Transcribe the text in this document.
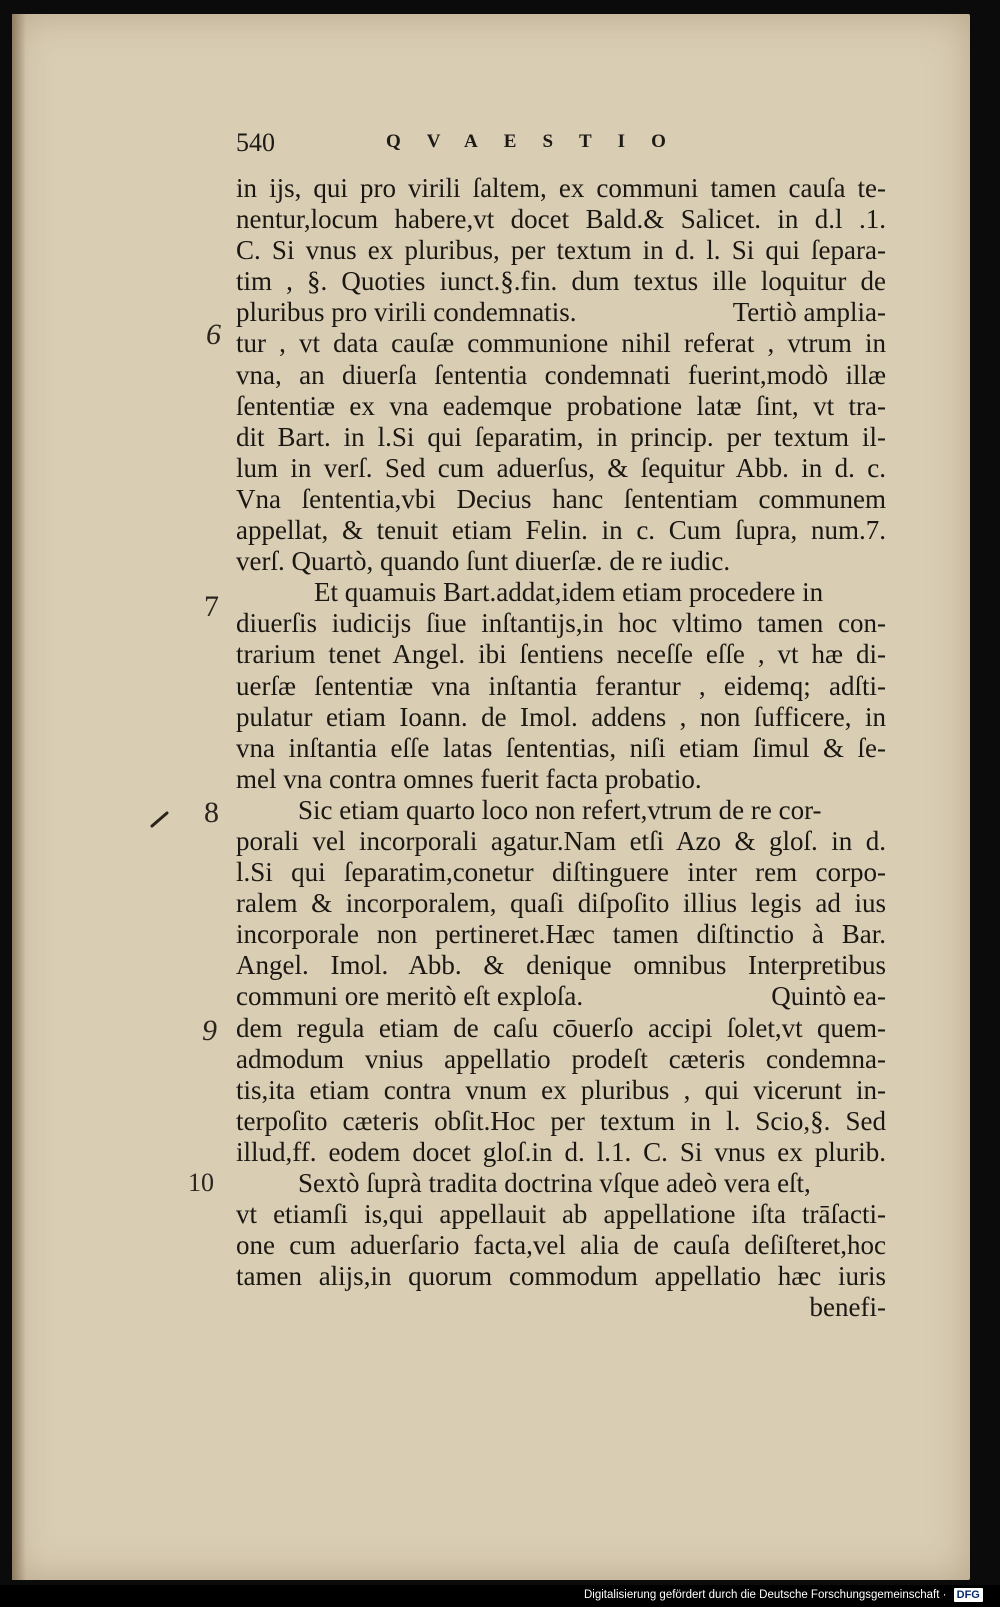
540	QVAESTIO
in ijs, qui pro virili ſaltem, ex communi tamen cauſa te-
nentur,locum habere,vt docet Bald.& Salicet. in d.l .1.
C. Si vnus ex pluribus, per textum in d. l. Si qui ſepara-
tim , §. Quoties iunct.§.fin. dum textus ille loquitur de
pluribus pro virili condemnatis.	Tertiò amplia-
tur , vt data cauſæ communione nihil referat , vtrum in
vna, an diuerſa ſententia condemnati fuerint,modò illæ
ſententiæ ex vna eademque probatione latæ ſint, vt tra-
dit Bart. in l.Si qui ſeparatim, in princip. per textum il-
lum in verſ. Sed cum aduerſus, & ſequitur Abb. in d. c.
Vna ſententia,vbi Decius hanc ſententiam communem
appellat, & tenuit etiam Felin. in c. Cum ſupra, num.7.
verſ. Quartò, quando ſunt diuerſæ. de re iudic.
Et quamuis Bart.addat,idem etiam procedere in
diuerſis iudicijs ſiue inſtantijs,in hoc vltimo tamen con-
trarium tenet Angel. ibi ſentiens neceſſe eſſe , vt hæ di-
uerſæ ſententiæ vna inſtantia ferantur , eidemq; adſti-
pulatur etiam Ioann. de Imol. addens , non ſufficere, in
vna inſtantia eſſe latas ſententias, niſi etiam ſimul & ſe-
mel vna contra omnes fuerit facta probatio.
Sic etiam quarto loco non refert,vtrum de re cor-
porali vel incorporali agatur.Nam etſi Azo & gloſ. in d.
l.Si qui ſeparatim,conetur diſtinguere inter rem corpo-
ralem & incorporalem, quaſi diſpoſito illius legis ad ius
incorporale non pertineret.Hæc tamen diſtinctio à Bar.
Angel. Imol. Abb. & denique omnibus Interpretibus
communi ore meritò eſt exploſa.	Quintò ea-
dem regula etiam de caſu cōuerſo accipi ſolet,vt quem-
admodum vnius appellatio prodeſt cæteris condemna-
tis,ita etiam contra vnum ex pluribus , qui vicerunt in-
terpoſito cæteris obſit.Hoc per textum in l. Scio,§. Sed
illud,ff. eodem docet gloſ.in d. l.1. C. Si vnus ex plurib.
Sextò ſuprà tradita doctrina vſque adeò vera eſt,
vt etiamſi is,qui appellauit ab appellatione iſta trāſacti-
one cum aduerſario facta,vel alia de cauſa deſiſteret,hoc
tamen alijs,in quorum commodum appellatio hæc iuris
benefi-
6
7
8
9
10
Digitalisierung gefördert durch die Deutsche Forschungsgemeinschaft · DFG
